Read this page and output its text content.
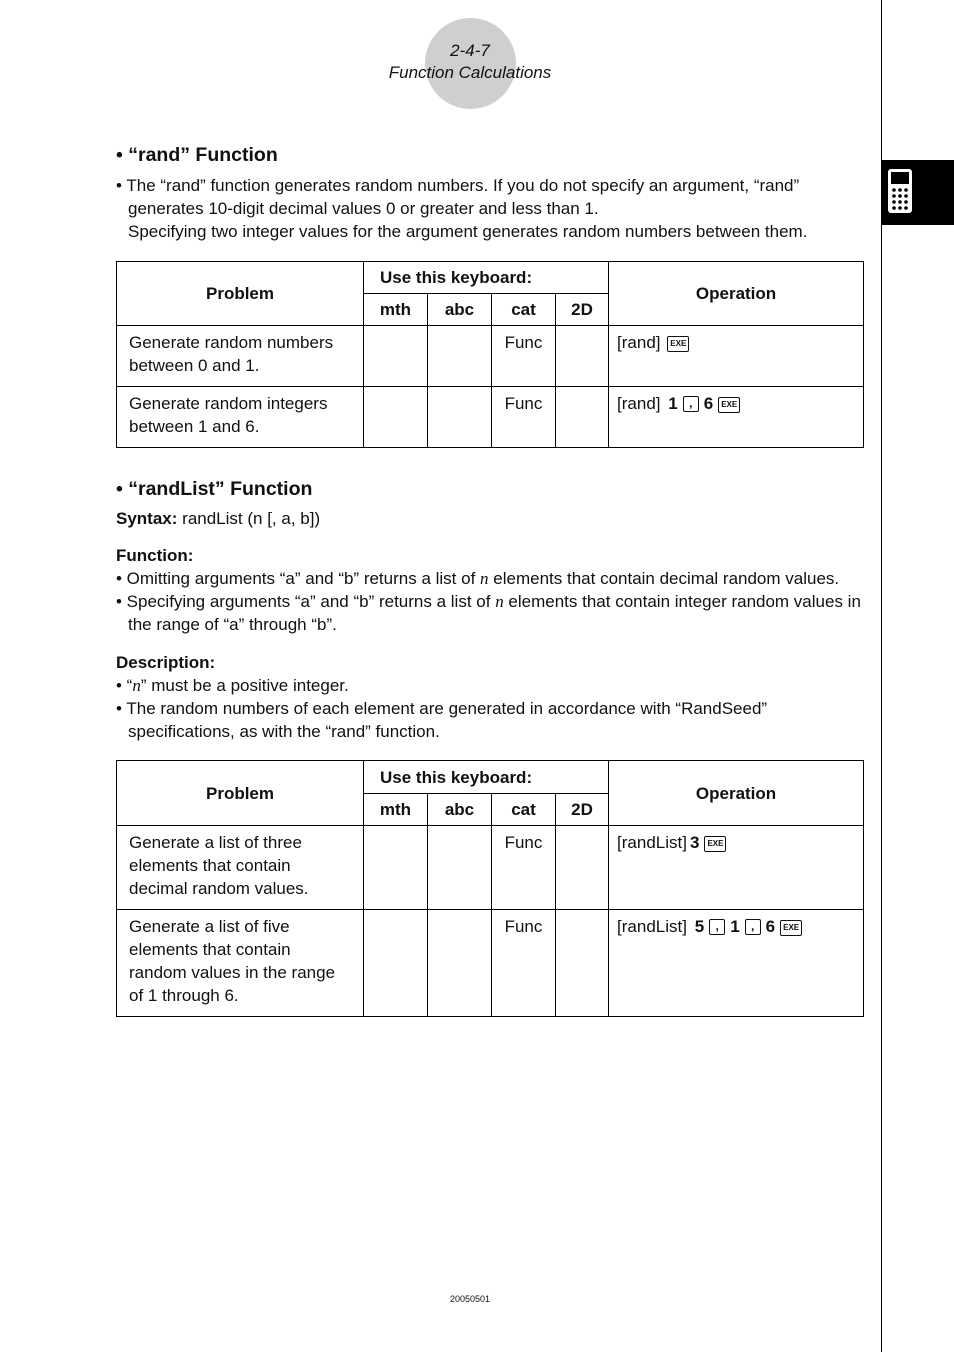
2-4-7
Function Calculations
• “rand” Function

• The “rand” function generates random numbers. If you do not specify an argument, “rand” generates 10-digit decimal values 0 or greater and less than 1.

Specifying two integer values for the argument generates random numbers between them.

Problem	Use this keyboard:				Operation
	mth	abc	cat	2D	

Generate random numbers between 0 and 1.			Func		[rand] EXE

Generate random integers between 1 and 6.			Func		[rand] 1 , 6 EXE
• “randList” Function

Syntax: randList (n [, a, b])

Function:

• Omitting arguments “a” and “b” returns a list of n elements that contain decimal random values.

• Specifying arguments “a” and “b” returns a list of n elements that contain integer random values in the range of “a” through “b”.

Description:

• “n” must be a positive integer.

• The random numbers of each element are generated in accordance with “RandSeed” specifications, as with the “rand” function.

Problem	Use this keyboard:				Operation
	mth	abc	cat	2D	

Generate a list of three elements that contain decimal random values.			Func		[randList] 3 EXE

Generate a list of five elements that contain random values in the range of 1 through 6.			Func		[randList] 5 , 1 , 6 EXE
20050501
